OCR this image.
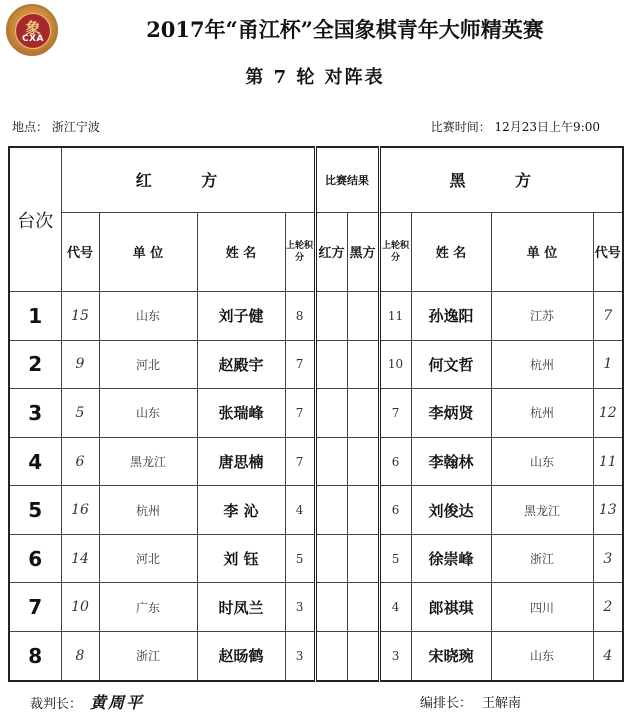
象
CXA	2017年“甬江杯”全国象棋青年大师精英赛
第 7 轮 对阵表
地点： 浙江宁波	比赛时间： 12月23日上午9:00
台次	红 方				比赛结果		黑 方			
	代号	单 位	姓 名	上轮积分	红方	黑方	上轮积分	姓 名	单 位	代号
1	15	山东	刘子健	8			11	孙逸阳	江苏	7
2	9	河北	赵殿宇	7			10	何文哲	杭州	1
3	5	山东	张瑞峰	7			7	李炳贤	杭州	12
4	6	黑龙江	唐思楠	7			6	李翰林	山东	11
5	16	杭州	李 沁	4			6	刘俊达	黑龙江	13
6	14	河北	刘 钰	5			5	徐崇峰	浙江	3
7	10	广东	时凤兰	3			4	郎祺琪	四川	2
8	8	浙江	赵旸鹤	3			3	宋晓琬	山东	4
裁判长： 黄周平	编排长： 王解南
